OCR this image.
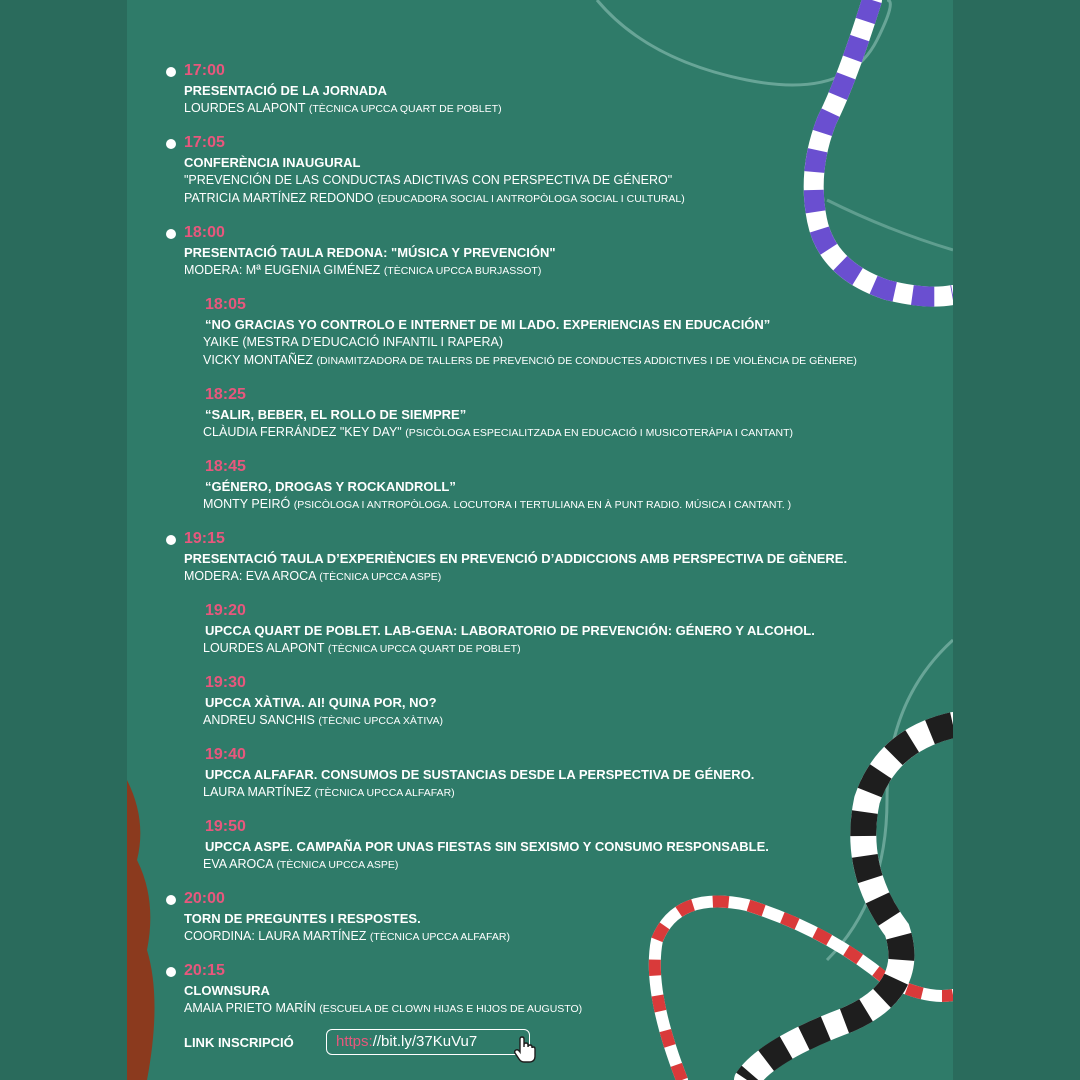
17:00
PRESENTACIÓ DE LA JORNADA
LOURDES ALAPONT (TÈCNICA UPCCA QUART DE POBLET)
17:05
CONFERÈNCIA INAUGURAL
"PREVENCIÓN DE LAS CONDUCTAS ADICTIVAS CON PERSPECTIVA DE GÉNERO"
PATRICIA MARTÍNEZ REDONDO (EDUCADORA SOCIAL I ANTROPÒLOGA SOCIAL I CULTURAL)
18:00
PRESENTACIÓ TAULA REDONA: "MÚSICA Y PREVENCIÓN"
MODERA: Mª EUGENIA GIMÉNEZ (TÈCNICA UPCCA BURJASSOT)
18:05
“NO GRACIAS YO CONTROLO E INTERNET DE MI LADO. EXPERIENCIAS EN EDUCACIÓN”
YAIKE (MESTRA D’EDUCACIÓ INFANTIL I RAPERA)
VICKY MONTAÑEZ (DINAMITZADORA DE TALLERS DE PREVENCIÓ DE CONDUCTES ADDICTIVES I DE VIOLÈNCIA DE GÈNERE)
18:25
“SALIR, BEBER, EL ROLLO DE SIEMPRE”
CLÀUDIA FERRÁNDEZ "KEY DAY" (PSICÒLOGA ESPECIALITZADA EN EDUCACIÓ I MUSICOTERÀPIA I CANTANT)
18:45
“GÉNERO, DROGAS Y ROCKANDROLL”
MONTY PEIRÓ (PSICÒLOGA I ANTROPÒLOGA. LOCUTORA I TERTULIANA EN À PUNT RADIO. MÚSICA I CANTANT. )
19:15
PRESENTACIÓ TAULA D’EXPERIÈNCIES EN PREVENCIÓ D’ADDICCIONS AMB PERSPECTIVA DE GÈNERE.
MODERA: EVA AROCA (TÈCNICA UPCCA ASPE)
19:20
UPCCA QUART DE POBLET. LAB-GENA: LABORATORIO DE PREVENCIÓN: GÉNERO Y ALCOHOL.
LOURDES ALAPONT (TÈCNICA UPCCA QUART DE POBLET)
19:30
UPCCA XÀTIVA. AI! QUINA POR, NO?
ANDREU SANCHIS (TÈCNIC UPCCA XÀTIVA)
19:40
UPCCA ALFAFAR. CONSUMOS DE SUSTANCIAS DESDE LA PERSPECTIVA DE GÉNERO.
LAURA MARTÍNEZ (TÈCNICA UPCCA ALFAFAR)
19:50
UPCCA ASPE. CAMPAÑA POR UNAS FIESTAS SIN SEXISMO Y CONSUMO RESPONSABLE.
EVA AROCA (TÈCNICA UPCCA ASPE)
20:00
TORN DE PREGUNTES I RESPOSTES.
COORDINA: LAURA MARTÍNEZ (TÈCNICA UPCCA ALFAFAR)
20:15
CLOWNSURA
AMAIA PRIETO MARÍN (ESCUELA DE CLOWN HIJAS E HIJOS DE AUGUSTO)
LINK INSCRIPCIÓ	https://bit.ly/37KuVu7
